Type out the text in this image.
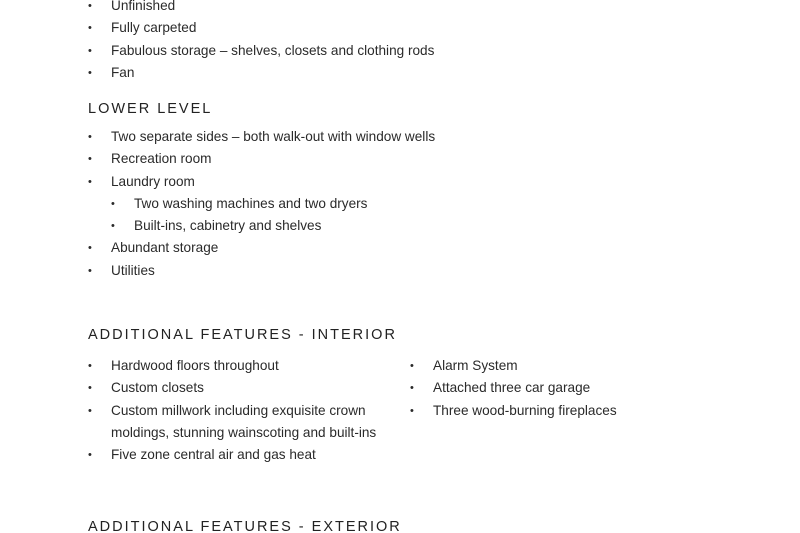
• Unfinished
• Fully carpeted
• Fabulous storage – shelves, closets and clothing rods
• Fan
LOWER LEVEL
• Two separate sides – both walk-out with window wells
• Recreation room
• Laundry room
• Two washing machines and two dryers
• Built-ins, cabinetry and shelves
• Abundant storage
• Utilities
ADDITIONAL FEATURES - INTERIOR
• Hardwood floors throughout
• Custom closets
• Custom millwork including exquisite crown moldings, stunning wainscoting and built-ins
• Five zone central air and gas heat
• Alarm System
• Attached three car garage
• Three wood-burning fireplaces
ADDITIONAL FEATURES - EXTERIOR
